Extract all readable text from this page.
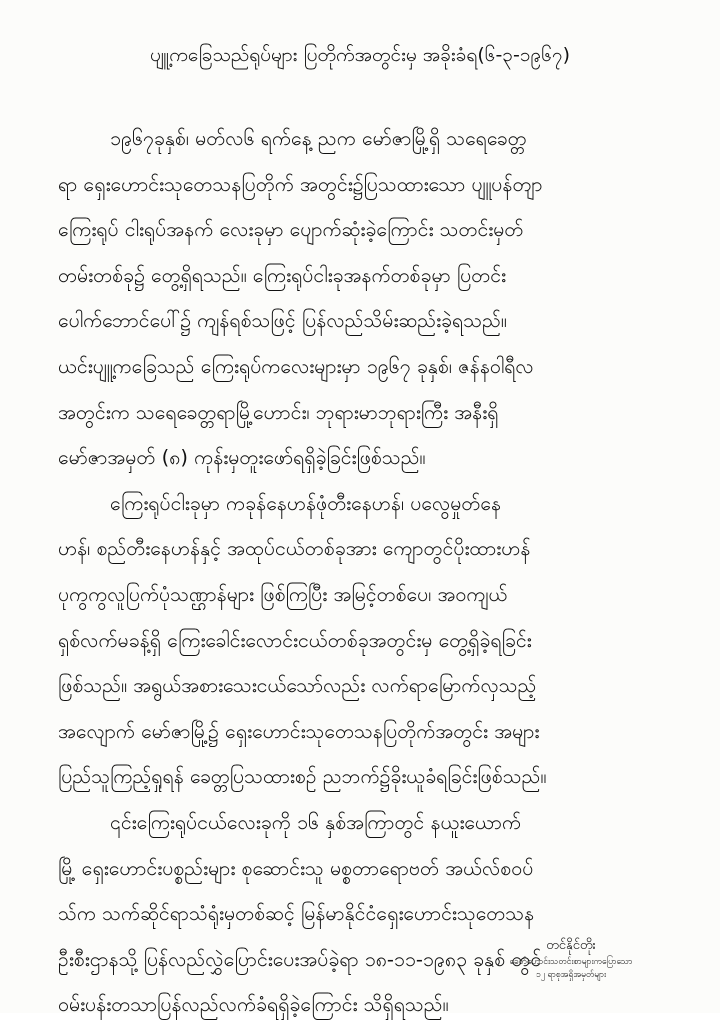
ပျူ့ကခြေသည်ရုပ်များ ပြတိုက်အတွင်းမှ အခိုးခံရ(၆-၃-၁၉၆၇)
၁၉၆၇ခုနှစ်၊ မတ်လ၆ ရက်နေ့ ညက မော်ဇာမြို့ရှိ သရေခေတ္တ
ရာ ရှေးဟောင်းသုတေသနပြတိုက် အတွင်း၌ပြသထားသော ပျူပန်တျာ
ကြေးရုပ် ငါးရုပ်အနက် လေးခုမှာ ပျောက်ဆုံးခဲ့ကြောင်း သတင်းမှတ်
တမ်းတစ်ခု၌ တွေ့ရှိရသည်။ ကြေးရုပ်ငါးခုအနက်တစ်ခုမှာ ပြတင်း
ပေါက်ဘောင်ပေါ်၌ ကျန်ရစ်သဖြင့် ပြန်လည်သိမ်းဆည်းခဲ့ရသည်။
ယင်းပျူ့ကခြေသည် ကြေးရုပ်ကလေးများမှာ ၁၉၆၇ ခုနှစ်၊ ဇန်နဝါရီလ
အတွင်းက သရေခေတ္တရာမြို့ဟောင်း၊ ဘုရားမာဘုရားကြီး အနီးရှိ
မော်ဇာအမှတ် (၈) ကုန်းမှတူးဖော်ရရှိခဲ့ခြင်းဖြစ်သည်။
ကြေးရုပ်ငါးခုမှာ ကခုန်နေဟန်ဖုံတီးနေဟန်၊ ပလွေမှုတ်နေ
ဟန်၊ စည်တီးနေဟန်နှင့် အထုပ်ငယ်တစ်ခုအား ကျောတွင်ပိုးထားဟန်
ပုကွကွလူပြက်ပုံသဏ္ဌာန်များ ဖြစ်ကြပြီး အမြင့်တစ်ပေ၊ အဝကျယ်
ရှစ်လက်မခန့်ရှိ ကြေးခေါင်းလောင်းငယ်တစ်ခုအတွင်းမှ တွေ့ရှိခဲ့ရခြင်း
ဖြစ်သည်။ အရွယ်အစားသေးငယ်သော်လည်း လက်ရာမြောက်လှသည့်
အလျောက် မော်ဇာမြို့၌ ရှေးဟောင်းသုတေသနပြတိုက်အတွင်း အများ
ပြည်သူကြည့်ရှုရန် ခေတ္တပြသထားစဉ် ညဘက်၌ခိုးယူခံရခြင်းဖြစ်သည်။
၎င်းကြေးရုပ်ငယ်လေးခုကို ၁၆ နှစ်အကြာတွင် နယူးယောက်
မြို့ ရှေးဟောင်းပစ္စည်းများ စုဆောင်းသူ မစ္စတာရောဗတ် အယ်လ်စဝပ်
သ်က သက်ဆိုင်ရာသံရုံးမှတစ်ဆင့် မြန်မာနိုင်ငံရှေးဟောင်းသုတေသန
ဦးစီးဌာနသို့ ပြန်လည်လွှဲပြောင်းပေးအပ်ခဲ့ရာ ၁၈-၁၁-၁၉၈၃ ခုနှစ် တွင်
ဝမ်းပန်းတသာပြန်လည်လက်ခံရရှိခဲ့ကြောင်း သိရှိရသည်။
တင်နိုင်တိုး
ခေတ်ဟောင်းသတင်းစာများကပြောသော
၁၂ ရာစုအရှိအမှတ်များ
